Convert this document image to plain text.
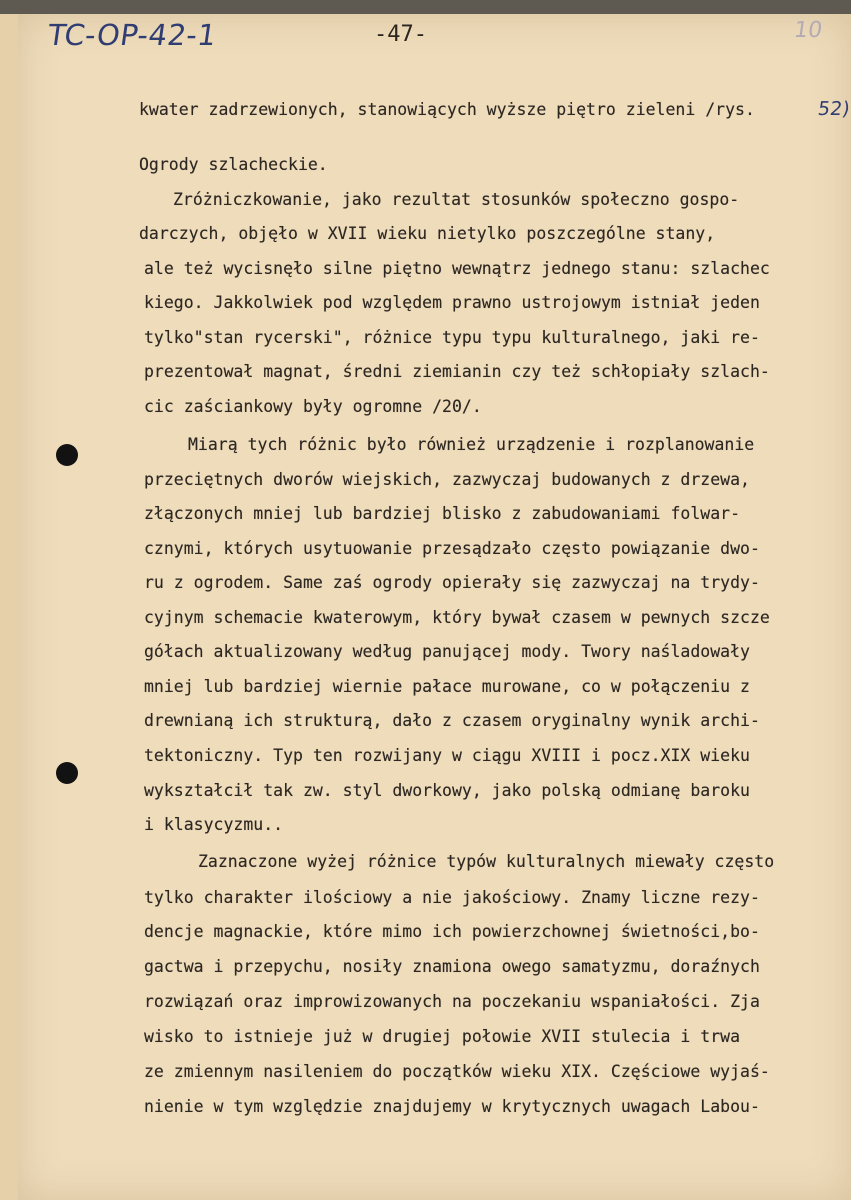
TC-OP-42-1	-47-	10
52)
kwater zadrzewionych, stanowiących wyższe piętro zieleni /rys.
Ogrody szlacheckie.
Zróżniczkowanie, jako rezultat stosunków społeczno gospo-
darczych, objęło w XVII wieku nietylko poszczególne stany,
ale też wycisnęło silne piętno wewnątrz jednego stanu: szlachec
kiego. Jakkolwiek pod względem prawno ustrojowym istniał jeden
tylko"stan rycerski", różnice typu typu kulturalnego, jaki re-
prezentował magnat, średni ziemianin czy też schłopiały szlach-
cic zaściankowy były ogromne /20/.
Miarą tych różnic było również urządzenie i rozplanowanie
przeciętnych dworów wiejskich, zazwyczaj budowanych z drzewa,
złączonych mniej lub bardziej blisko z zabudowaniami folwar-
cznymi, których usytuowanie przesądzało często powiązanie dwo-
ru z ogrodem. Same zaś ogrody opierały się zazwyczaj na trydy-
cyjnym schemacie kwaterowym, który bywał czasem w pewnych szcze
gółach aktualizowany według panującej mody. Twory naśladowały
mniej lub bardziej wiernie pałace murowane, co w połączeniu z
drewnianą ich strukturą, dało z czasem oryginalny wynik archi-
tektoniczny. Typ ten rozwijany w ciągu XVIII i pocz.XIX wieku
wykształcił tak zw. styl dworkowy, jako polską odmianę baroku
i klasycyzmu..
Zaznaczone wyżej różnice typów kulturalnych miewały często
tylko charakter ilościowy a nie jakościowy. Znamy liczne rezy-
dencje magnackie, które mimo ich powierzchownej świetności,bo-
gactwa i przepychu, nosiły znamiona owego samatyzmu, doraźnych
rozwiązań oraz improwizowanych na poczekaniu wspaniałości. Zja
wisko to istnieje już w drugiej połowie XVII stulecia i trwa
ze zmiennym nasileniem do początków wieku XIX. Częściowe wyjaś-
nienie w tym względzie znajdujemy w krytycznych uwagach Labou-
